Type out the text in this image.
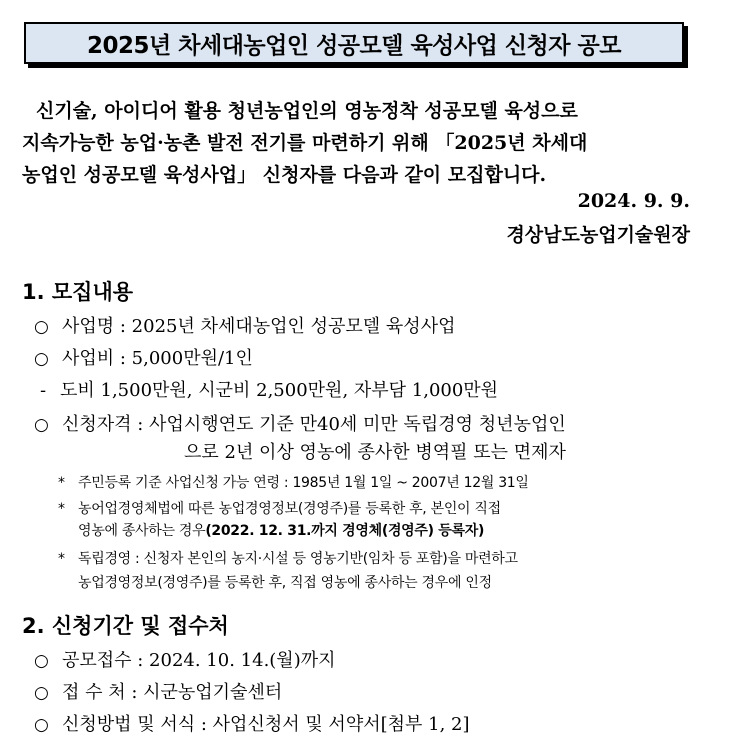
2025년 차세대농업인 성공모델 육성사업 신청자 공모
신기술, 아이디어 활용 청년농업인의 영농정착 성공모델 육성으로
지속가능한 농업·농촌 발전 전기를 마련하기 위해 「2025년 차세대
농업인 성공모델 육성사업」 신청자를 다음과 같이 모집합니다.
2024. 9. 9.
경상남도농업기술원장
1. 모집내용
○ 사업명 : 2025년 차세대농업인 성공모델 육성사업
○ 사업비 : 5,000만원/1인
- 도비 1,500만원, 시군비 2,500만원, 자부담 1,000만원
○ 신청자격 : 사업시행연도 기준 만40세 미만 독립경영 청년농업인
으로 2년 이상 영농에 종사한 병역필 또는 면제자
* 주민등록 기준 사업신청 가능 연령 : 1985년 1월 1일 ~ 2007년 12월 31일
* 농어업경영체법에 따른 농업경영정보(경영주)를 등록한 후, 본인이 직접
영농에 종사하는 경우(2022. 12. 31.까지 경영체(경영주) 등록자)
* 독립경영 : 신청자 본인의 농지·시설 등 영농기반(임차 등 포함)을 마련하고
농업경영정보(경영주)를 등록한 후, 직접 영농에 종사하는 경우에 인정
2. 신청기간 및 접수처
○ 공모접수 : 2024. 10. 14.(월)까지
○ 접 수 처 : 시군농업기술센터
○ 신청방법 및 서식 : 사업신청서 및 서약서[첨부 1, 2]
